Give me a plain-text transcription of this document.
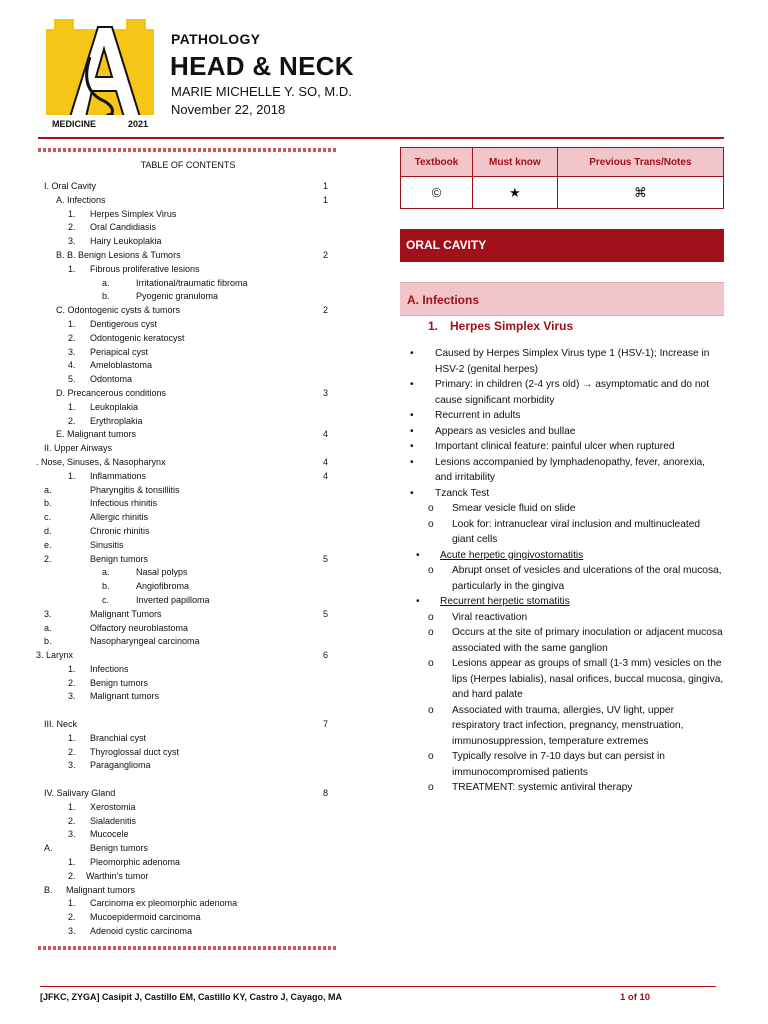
MEDICINE	2021
PATHOLOGY
HEAD & NECK
MARIE MICHELLE Y. SO, M.D.
November 22, 2018
TABLE OF CONTENTS
I. Oral Cavity	1
A. Infections	1
1. Herpes Simplex Virus
2. Oral Candidiasis
3. Hairy Leukoplakia
B. B. Benign Lesions & Tumors	2
1. Fibrous proliferative lesions
a.	Irritational/traumatic fibroma
b.	Pyogenic granuloma
C. Odontogenic cysts & tumors	2
1. Dentigerous cyst
2. Odontogenic keratocyst
3. Periapical cyst
4. Ameloblastoma
5. Odontoma
D. Precancerous conditions	3
1. Leukoplakia
2. Erythroplakia
E. Malignant tumors	4
II. Upper Airways
. Nose, Sinuses, & Nasopharynx	4
1. Inflammations	4
a.	Pharyngitis & tonsillitis
b.	Infectious rhinitis
c.	Allergic rhinitis
d.	Chronic rhinitis
e.	Sinusitis
2.	Benign tumors	5
a.	Nasal polyps
b.	Angiofibroma
c.	Inverted papilloma
3.	Malignant Tumors	5
a.	Olfactory neuroblastoma
b.	Nasopharyngeal carcinoma
3. Larynx	6
1. Infections
2. Benign tumors
3. Malignant tumors
III. Neck	7
1. Branchial cyst
2. Thyroglossal duct cyst
3. Paraganglioma
IV. Salivary Gland	8
1. Xerostomia
2. Sialadenitis
3. Mucocele
A.	Benign tumors
1. Pleomorphic adenoma
2. Warthin's tumor
B. Malignant tumors
1. Carcinoma ex pleomorphic adenoma
2. Mucoepidermoid carcinoma
3. Adenoid cystic carcinoma
Textbook	Must know	Previous Trans/Notes
©	★	⌘
ORAL CAVITY
A. Infections
1. Herpes Simplex Virus
• Caused by Herpes Simplex Virus type 1 (HSV-1); Increase in HSV-2 (genital herpes)
• Primary: in children (2-4 yrs old) → asymptomatic and do not cause significant morbidity
• Recurrent in adults
• Appears as vesicles and bullae
• Important clinical feature: painful ulcer when ruptured
• Lesions accompanied by lymphadenopathy, fever, anorexia, and irritability
• Tzanck Test
o Smear vesicle fluid on slide
o Look for: intranuclear viral inclusion and multinucleated giant cells
• Acute herpetic gingivostomatitis
o Abrupt onset of vesicles and ulcerations of the oral mucosa, particularly in the gingiva
• Recurrent herpetic stomatitis
o Viral reactivation
o Occurs at the site of primary inoculation or adjacent mucosa associated with the same ganglion
o Lesions appear as groups of small (1-3 mm) vesicles on the lips (Herpes labialis), nasal orifices, buccal mucosa, gingiva, and hard palate
o Associated with trauma, allergies, UV light, upper respiratory tract infection, pregnancy, menstruation, immunosuppression, temperature extremes
o Typically resolve in 7-10 days but can persist in immunocompromised patients
o TREATMENT: systemic antiviral therapy
[JFKC, ZYGA] Casipit J, Castillo EM, Castillo KY, Castro J, Cayago, MA	1 of 10
